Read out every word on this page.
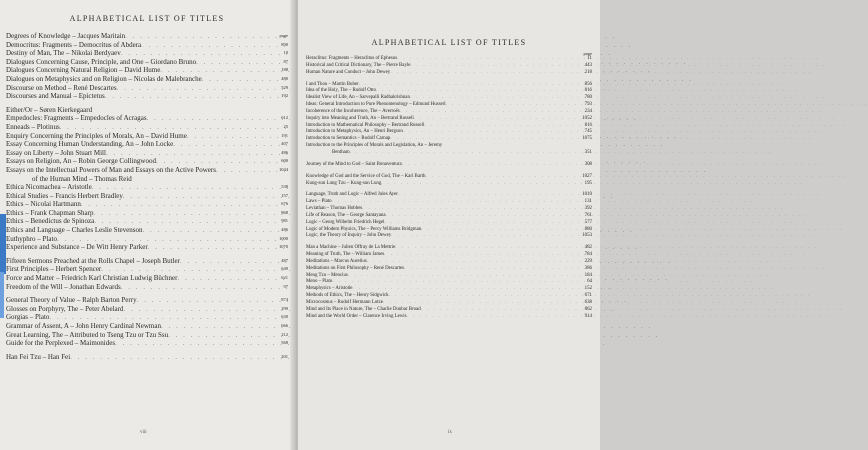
ALPHABETICAL LIST OF TITLES
Degrees of Knowledge – Jacques Maritain . . .	page
Democritus: Fragments – Democritus of Abdera . . .	890
Destiny of Man, The – Nikolai Berdyaev . . .	10
Dialogues Concerning Cause, Principle, and One – Giordano Bruno . . .	87
Dialogues Concerning Natural Religion – David Hume . . .	188
Dialogues on Metaphysics and on Religion – Nicolas de Malebranche . . .	480
Discourse on Method – René Descartes . . .	529
Discourses and Manual – Epictetus . . .	192
Either/Or – Søren Kierkegaard
Empedocles: Fragments – Empedocles of Acragas . . .	612
Enneads – Plotinus . . .	25
Enquiry Concerning the Principles of Morals, An – David Hume . . .	191
Essay Concerning Human Understanding, An – John Locke . . .	407
Essay on Liberty – John Stuart Mill . . .	486
Essays on Religion, An – Robin George Collingwood . . .	600
Essays on the Intellectual Powers of Man and Essays on the Active Powers . . .	1044
of the Human Mind – Thomas Reid
Ethica Nicomachea – Aristotle . . .	538
Ethical Studies – Francis Herbert Bradley . . .	157
Ethics – Nicolai Hartmann . . .	676
Ethics – Frank Chapman Sharp . . .	868
Ethics – Benedictus de Spinoza . . .	981
Ethics and Language – Charles Leslie Stevenson . . .	486
Euthyphro – Plato . . .	1000
Experience and Substance – De Witt Henry Parker . . .	1070
Fifteen Sermons Preached at the Rolls Chapel – Joseph Butler . . .	487
First Principles – Herbert Spencer . . .	649
Force and Matter – Friedrich Karl Christian Ludwig Büchner . . .	621
Freedom of the Will – Jonathan Edwards . . .	97
General Theory of Value – Ralph Barton Perry . . .	874
Glosses on Porphyry, The – Peter Abelard . . .	299
Gorgias – Plato . . .	630
Grammar of Assent, A – John Henry Cardinal Newman . . .	666
Great Learning, The – Attributed to Tseng Tzu or Tzu Ssu . . .	212
Guide for the Perplexed – Maimonides . . .	568
Han Fei Tzu – Han Fei . . .	201
viii
ALPHABETICAL LIST OF TITLES
page
Heraclitus: Fragments – Heraclitus of Ephesus . . .	11
Historical and Critical Dictionary, The – Pierre Bayle . . .	443
Human Nature and Conduct – John Dewey . . .	218
I and Thou – Martin Buber . . .	856
Idea of the Holy, The – Rudolf Otto . . .	816
Idealist View of Life, An – Sarvepalli Radhakrishnan . . .	780
Ideas: General Introduction to Pure Phenomenology – Edmund Husserl . . .	793
Incoherence of the Incoherence, The – Averroës . . .	234
Inquiry into Meaning and Truth, An – Bertrand Russell . . .	1052
Introduction to Mathematical Philosophy – Bertrand Russell . . .	816
Introduction to Metaphysics, An – Henri Bergson . . .	745
Introduction to Semantics – Rudolf Carnap . . .	1075
Introduction to the Principles of Morals and Legislation, An – Jeremy
Bentham . . .	351
Journey of the Mind to God – Saint Bonaventura . . .	308
Knowledge of God and the Service of God, The – Karl Barth . . .	1027
Kung-sun Lung Tzu – Kung-sun Lung . . .	195
Language, Truth and Logic – Alfred Jules Ayer . . .	1010
Laws – Plato . . .	131
Leviathan – Thomas Hobbes . . .	392
Life of Reason, The – George Santayana . . .	761
Logic – Georg Wilhelm Friedrich Hegel . . .	577
Logic of Modern Physics, The – Percy Williams Bridgman . . .	880
Logic, the Theory of Inquiry – John Dewey . . .	1053
Man a Machine – Julien Offray de La Mettrie . . .	482
Meaning of Truth, The – William James . . .	784
Meditations – Marcus Aurelius . . .	229
Meditations on First Philosophy – René Descartes . . .	386
Meng Tzu – Mencius . . .	184
Meno – Plato . . .	64
Metaphysics – Aristotle . . .	152
Methods of Ethics, The – Henry Sidgwick . . .	671
Microcosmus – Rudolf Hermann Lotze . . .	638
Mind and Its Place in Nature, The – Charlie Dunbar Broad . . .	862
Mind and the World Order – Clarence Irving Lewis . . .	914
ix
